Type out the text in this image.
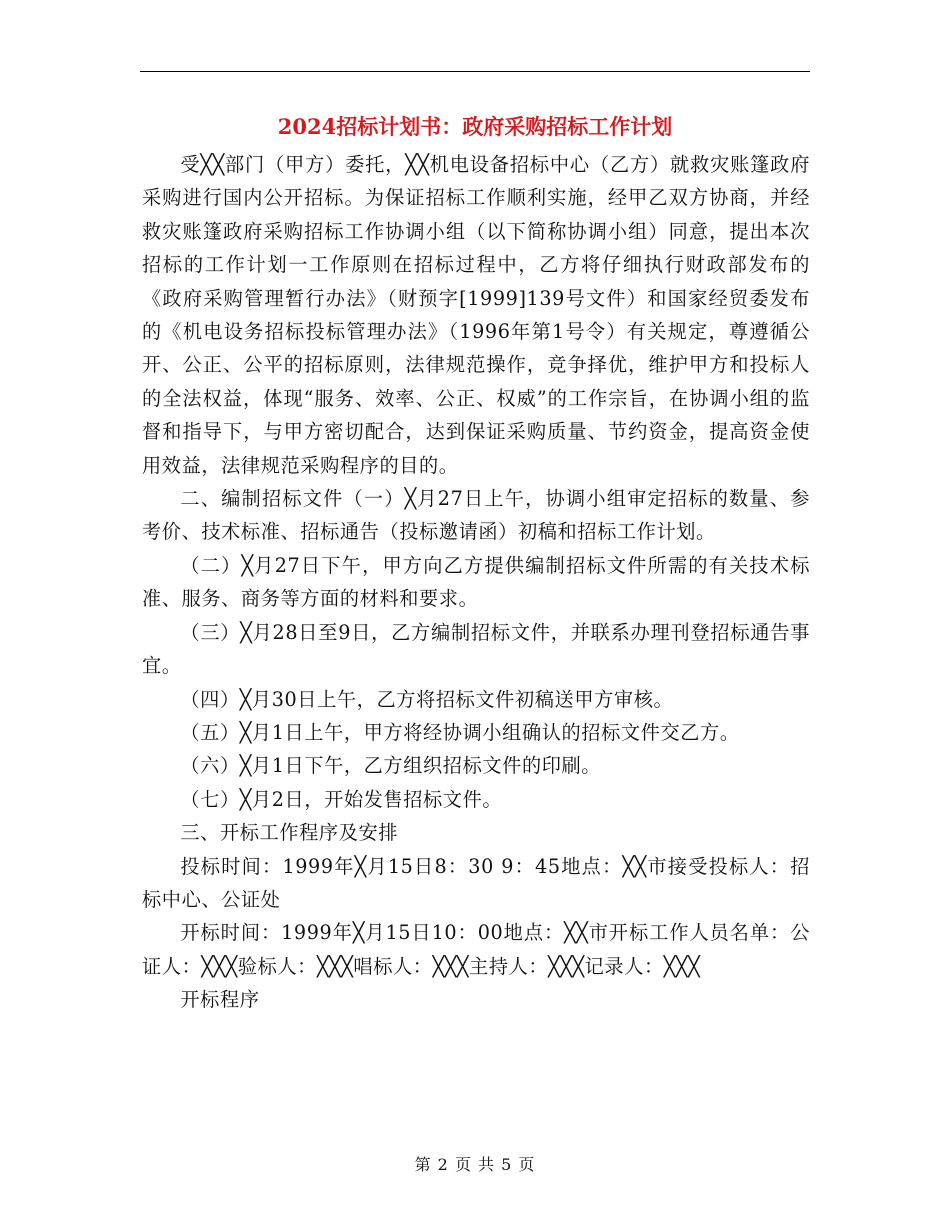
2024招标计划书：政府采购招标工作计划

受╳╳部门（甲方）委托，╳╳机电设备招标中心（乙方）就救灾账篷政府采购进行国内公开招标。为保证招标工作顺利实施，经甲乙双方协商，并经救灾账篷政府采购招标工作协调小组（以下简称协调小组）同意，提出本次招标的工作计划一工作原则在招标过程中，乙方将仔细执行财政部发布的《政府采购管理暂行办法》（财预字[1999]139号文件）和国家经贸委发布的《机电设务招标投标管理办法》（1996年第1号令）有关规定，尊遵循公开、公正、公平的招标原则，法律规范操作，竞争择优，维护甲方和投标人的全法权益，体现“服务、效率、公正、权威”的工作宗旨，在协调小组的监督和指导下，与甲方密切配合，达到保证采购质量、节约资金，提高资金使用效益，法律规范采购程序的目的。

二、编制招标文件（一）╳月27日上午，协调小组审定招标的数量、参考价、技术标准、招标通告（投标邀请函）初稿和招标工作计划。

（二）╳月27日下午，甲方向乙方提供编制招标文件所需的有关技术标准、服务、商务等方面的材料和要求。

（三）╳月28日至9日，乙方编制招标文件，并联系办理刊登招标通告事宜。

（四）╳月30日上午，乙方将招标文件初稿送甲方审核。

（五）╳月1日上午，甲方将经协调小组确认的招标文件交乙方。

（六）╳月1日下午，乙方组织招标文件的印刷。

（七）╳月2日，开始发售招标文件。

三、开标工作程序及安排

投标时间：1999年╳月15日8：30 9：45地点：╳╳市接受投标人：招标中心、公证处

开标时间：1999年╳月15日10：00地点：╳╳市开标工作人员名单：公证人：╳╳╳验标人：╳╳╳唱标人：╳╳╳主持人：╳╳╳记录人：╳╳╳

开标程序

第 2 页 共 5 页
